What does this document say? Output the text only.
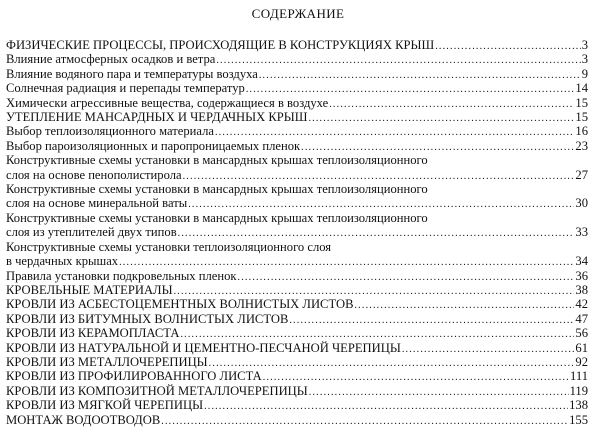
СОДЕРЖАНИЕ
ФИЗИЧЕСКИЕ ПРОЦЕССЫ, ПРОИСХОДЯЩИЕ В КОНСТРУКЦИЯХ КРЫШ .....	3
Влияние атмосферных осадков и ветра .....	3
Влияние водяного пара и температуры воздуха .....	9
Солнечная радиация и перепады температур .....	14
Химически агрессивные вещества, содержащиеся в воздухе .....	15
УТЕПЛЕНИЕ МАНСАРДНЫХ И ЧЕРДАЧНЫХ КРЫШ .....	15
Выбор теплоизоляционного материала .....	16
Выбор пароизоляционных и паропроницаемых пленок .....	23
Конструктивные схемы установки в мансардных крышах теплоизоляционного
слоя на основе пенополистирола .....	27
Конструктивные схемы установки в мансардных крышах теплоизоляционного
слоя на основе минеральной ваты .....	30
Конструктивные схемы установки в мансардных крышах теплоизоляционного
слоя из утеплителей двух типов .....	33
Конструктивные схемы установки теплоизоляционного слоя
в чердачных крышах .....	34
Правила установки подкровельных пленок .....	36
КРОВЕЛЬНЫЕ МАТЕРИАЛЫ .....	38
КРОВЛИ ИЗ АСБЕСТОЦЕМЕНТНЫХ ВОЛНИСТЫХ ЛИСТОВ .....	42
КРОВЛИ ИЗ БИТУМНЫХ ВОЛНИСТЫХ ЛИСТОВ .....	47
КРОВЛИ ИЗ КЕРАМОПЛАСТА .....	56
КРОВЛИ ИЗ НАТУРАЛЬНОЙ И ЦЕМЕНТНО-ПЕСЧАНОЙ ЧЕРЕПИЦЫ .....	61
КРОВЛИ ИЗ МЕТАЛЛОЧЕРЕПИЦЫ .....	92
КРОВЛИ ИЗ ПРОФИЛИРОВАННОГО ЛИСТА .....	111
КРОВЛИ ИЗ КОМПОЗИТНОЙ МЕТАЛЛОЧЕРЕПИЦЫ .....	119
КРОВЛИ ИЗ МЯГКОЙ ЧЕРЕПИЦЫ .....	138
МОНТАЖ ВОДООТВОДОВ .....	155
